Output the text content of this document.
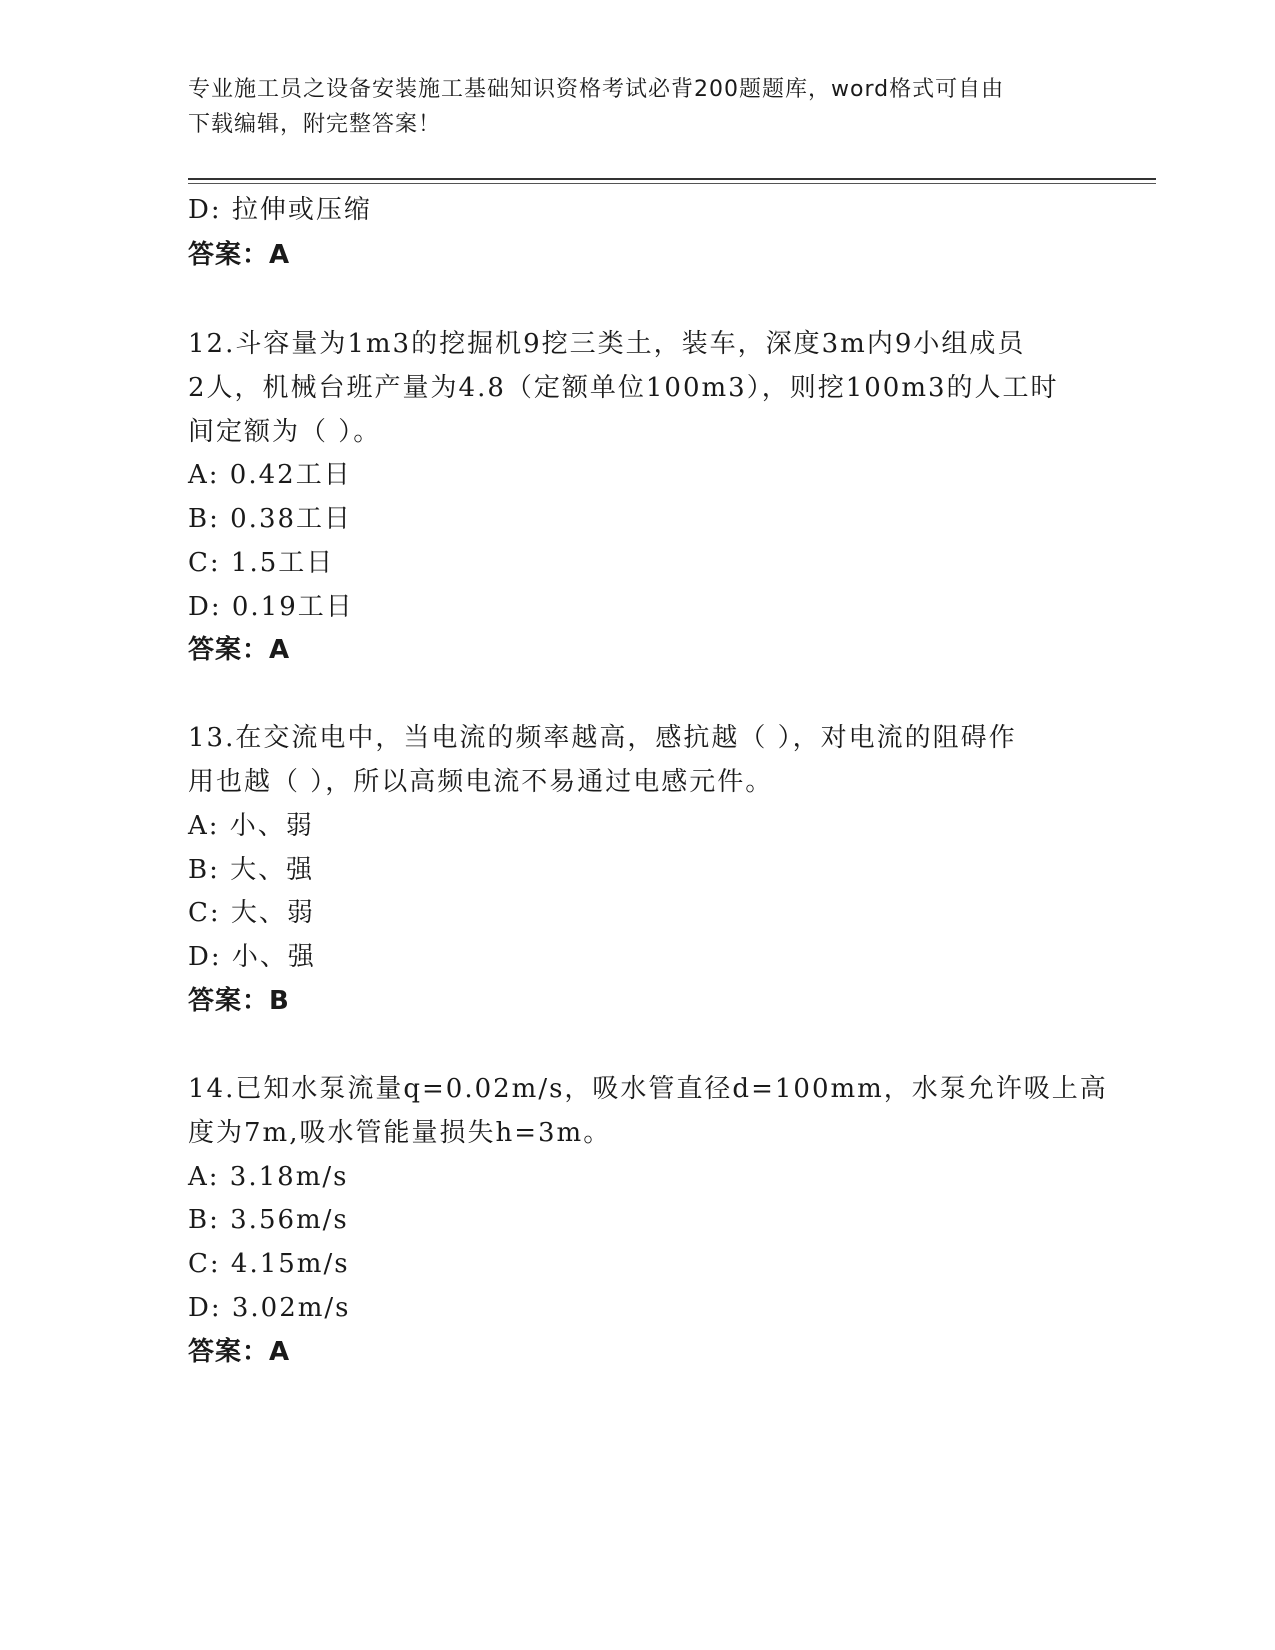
专业施工员之设备安装施工基础知识资格考试必背200题题库，word格式可自由
下载编辑，附完整答案！
D: 拉伸或压缩
答案：A
12.斗容量为1m3的挖掘机9挖三类土，装车，深度3m内9小组成员
2人，机械台班产量为4.8（定额单位100m3），则挖100m3的人工时
间定额为（ ）。
A: 0.42工日
B: 0.38工日
C: 1.5工日
D: 0.19工日
答案：A
13.在交流电中，当电流的频率越高，感抗越（ ），对电流的阻碍作
用也越（ ），所以高频电流不易通过电感元件。
A: 小、弱
B: 大、强
C: 大、弱
D: 小、强
答案：B
14.已知水泵流量q=0.02m/s，吸水管直径d=100mm，水泵允许吸上高
度为7m,吸水管能量损失h=3m。
A: 3.18m/s
B: 3.56m/s
C: 4.15m/s
D: 3.02m/s
答案：A
